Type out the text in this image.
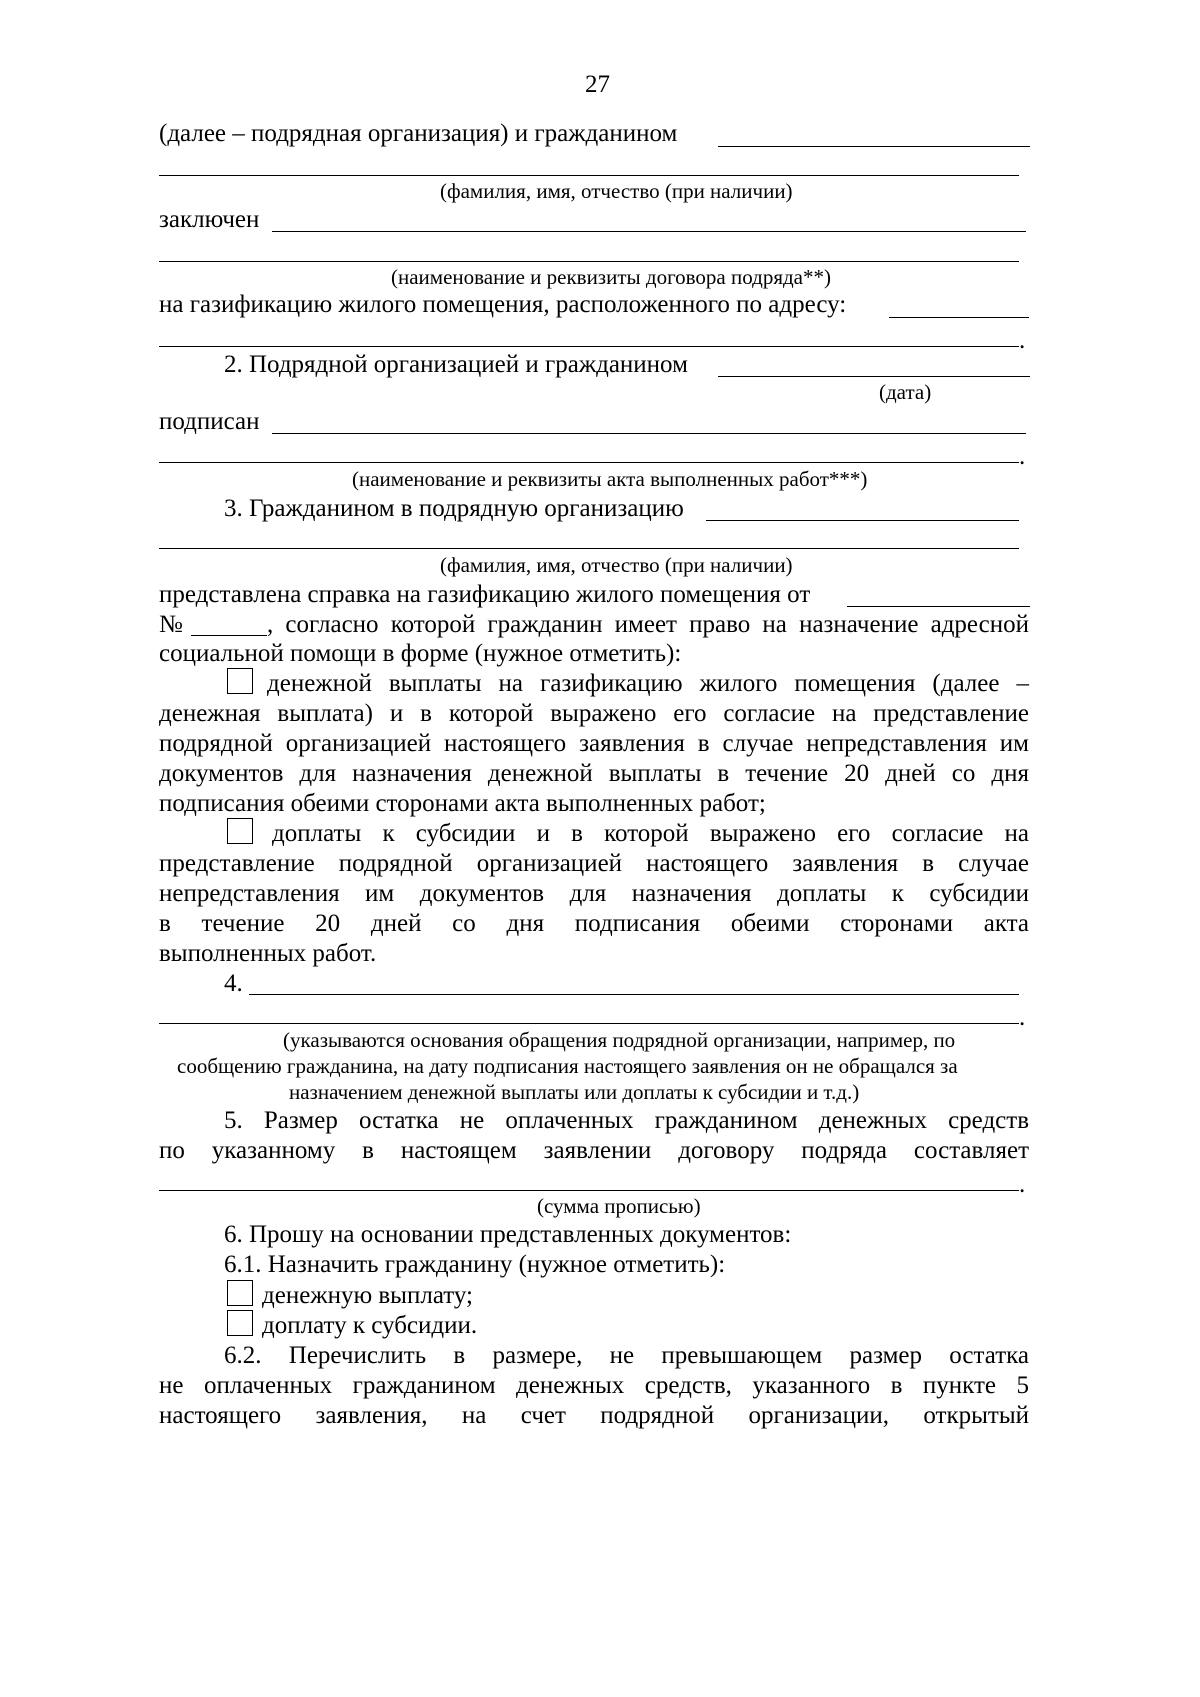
27
(далее – подрядная организация) и гражданином
(фамилия, имя, отчество (при наличии)
заключен
(наименование и реквизиты договора подряда**)
на газификацию жилого помещения, расположенного по адресу:
.
2. Подрядной организацией и гражданином
(дата)
подписан
.
(наименование и реквизиты акта выполненных работ***)
3. Гражданином в подрядную организацию
(фамилия, имя, отчество (при наличии)
представлена справка на газификацию жилого помещения от
№	, согласно которой гражданин имеет право на назначение адресной
социальной помощи в форме (нужное отметить):
денежной выплаты на газификацию жилого помещения (далее –
денежная выплата) и в которой выражено его согласие на представление
подрядной организацией настоящего заявления в случае непредставления им
документов для назначения денежной выплаты в течение 20 дней со дня
подписания обеими сторонами акта выполненных работ;
доплаты к субсидии и в которой выражено его согласие на
представление подрядной организацией настоящего заявления в случае
непредставления им документов для назначения доплаты к субсидии
в течение 20 дней со дня подписания обеими сторонами акта
выполненных работ.
4.
.
(указываются основания обращения подрядной организации, например, по
сообщению гражданина, на дату подписания настоящего заявления он не обращался за
назначением денежной выплаты или доплаты к субсидии и т.д.)
5. Размер остатка не оплаченных гражданином денежных средств
по указанному в настоящем заявлении договору подряда составляет
.
(сумма прописью)
6. Прошу на основании представленных документов:
6.1. Назначить гражданину (нужное отметить):
денежную выплату;
доплату к субсидии.
6.2. Перечислить в размере, не превышающем размер остатка
не оплаченных гражданином денежных средств, указанного в пункте 5
настоящего заявления, на счет подрядной организации, открытый
